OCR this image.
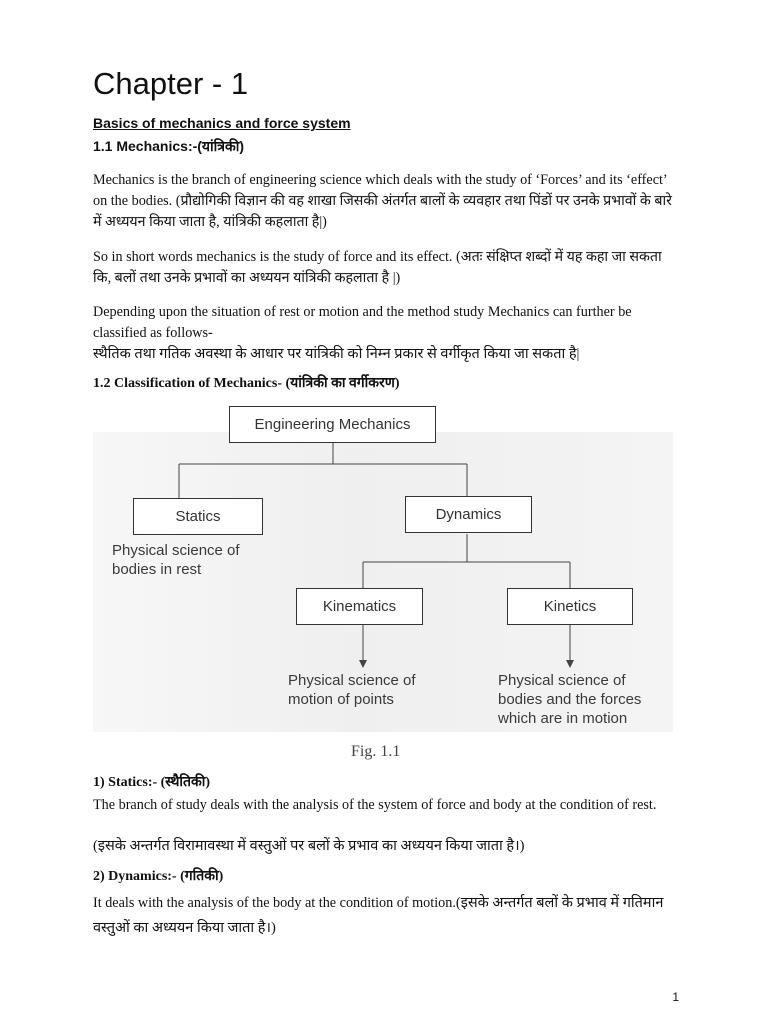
Chapter - 1
Basics of mechanics and force system
1.1 Mechanics:-(यांत्रिकी)

Mechanics is the branch of engineering science which deals with the study of ‘Forces’ and its ‘effect’ on the bodies. (प्रौद्योगिकी विज्ञान की वह शाखा जिसकी अंतर्गत बालों के व्यवहार तथा पिंडों पर उनके प्रभावों के बारे में अध्ययन किया जाता है, यांत्रिकी कहलाता है|)

So in short words mechanics is the study of force and its effect. (अतः संक्षिप्त शब्दों में यह कहा जा सकता कि, बलों तथा उनके प्रभावों का अध्ययन यांत्रिकी कहलाता है |)

Depending upon the situation of rest or motion and the method study Mechanics can further be classified as follows-

स्थैतिक तथा गतिक अवस्था के आधार पर यांत्रिकी को निम्न प्रकार से वर्गीकृत किया जा सकता है|

1.2 Classification of Mechanics- (यांत्रिकी का वर्गीकरण)
Engineering Mechanics
Statics	Dynamics
Kinematics	Kinetics
Physical science of bodies in rest
Physical science of motion of points
Physical science of bodies and the forces which are in motion
Fig. 1.1
1) Statics:- (स्थैतिकी)

The branch of study deals with the analysis of the system of force and body at the condition of rest.

(इसके अन्तर्गत विरामावस्था में वस्तुओं पर बलों के प्रभाव का अध्ययन किया जाता है।)

2) Dynamics:- (गतिकी)

It deals with the analysis of the body at the condition of motion.(इसके अन्तर्गत बलों के प्रभाव में गतिमान वस्तुओं का अध्ययन किया जाता है।)

1
